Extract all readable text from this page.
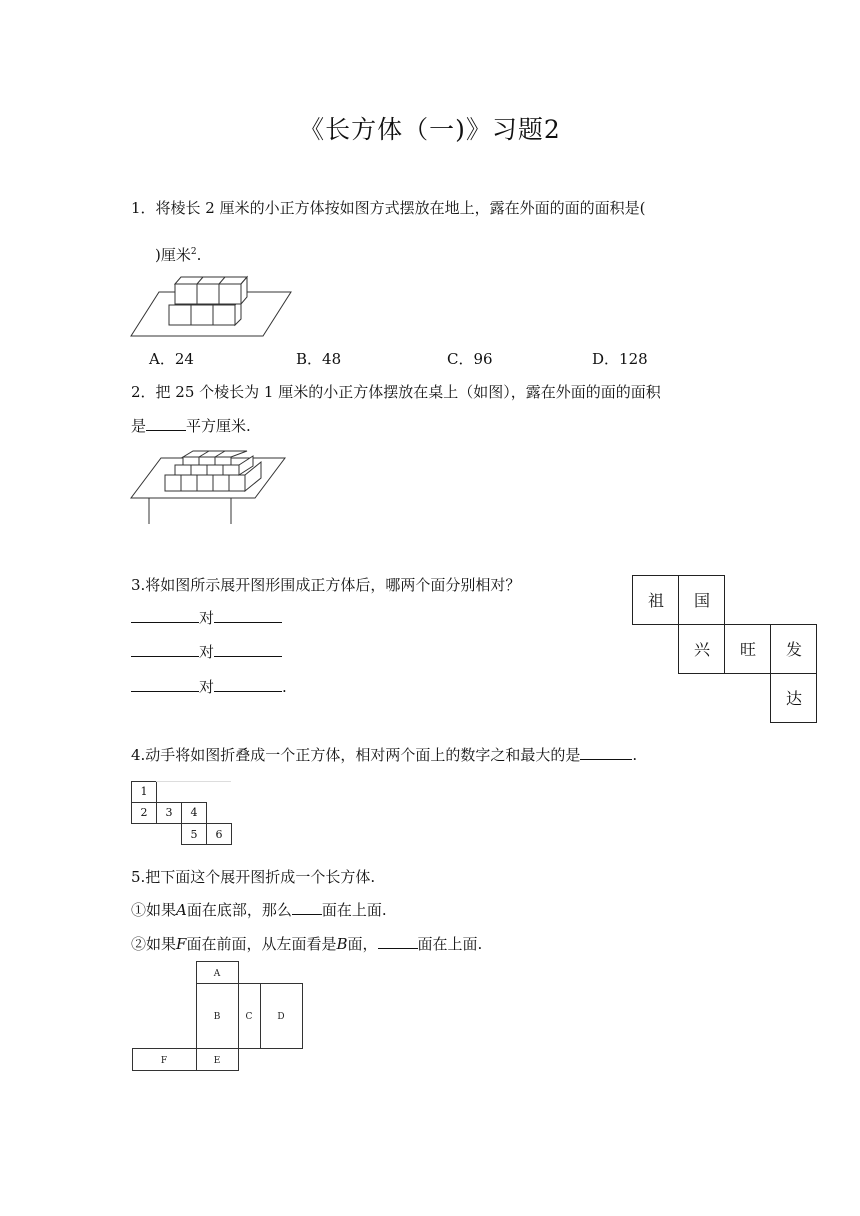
《长方体（一)》习题2
1．将棱长 2 厘米的小正方体按如图方式摆放在地上，露在外面的面的面积是(
)厘米$^2$.
A．24	B．48	C．96	D．128
2．把 25 个棱长为 1 厘米的小正方体摆放在桌上（如图），露在外面的面的面积
是	平方厘米.
3.将如图所示展开图形围成正方体后，哪两个面分别相对？
对
对
对	.
祖 国
兴 旺 发
达
4.动手将如图折叠成一个正方体，相对两个面上的数字之和最大的是	.
1
2 3 4
5 6
5.把下面这个展开图折成一个长方体.
①如果A面在底部，那么 面在上面.
②如果F面在前面，从左面看是B面，	面在上面.
A
B	C	D
F	E
